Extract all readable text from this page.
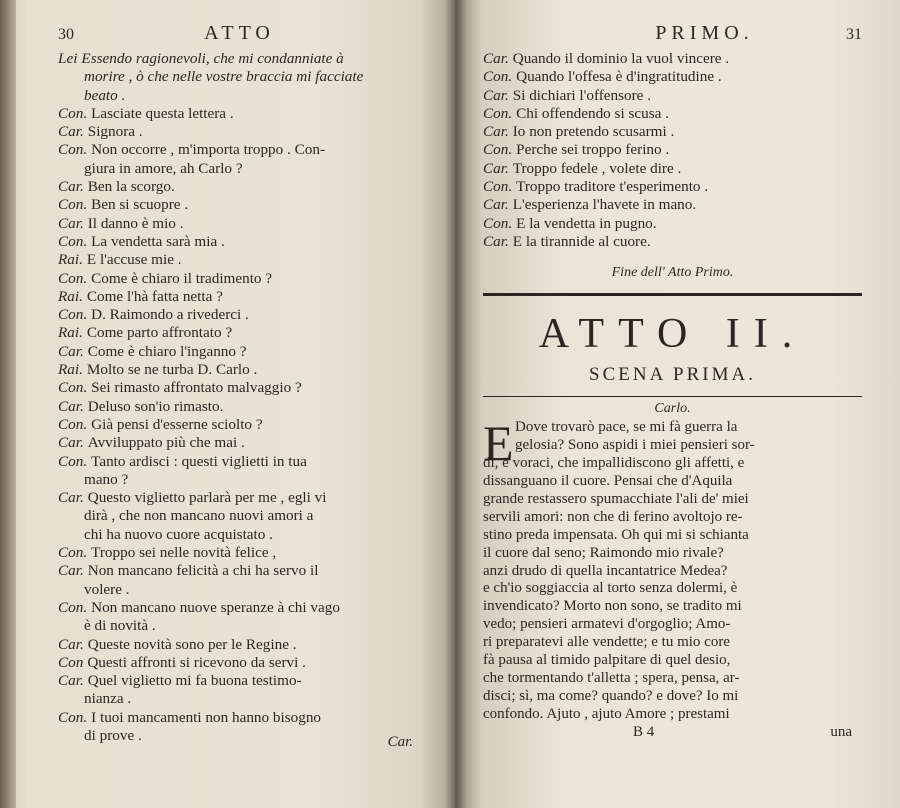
30	ATTO
Lei Essendo ragionevoli, che mi condanniate à
morire , ò che nelle vostre braccia mi facciate
beato .
Con. Lasciate questa lettera .
Car. Signora .
Con. Non occorre , m'importa troppo . Con-
giura in amore, ah Carlo ?
Car. Ben la scorgo.
Con. Ben si scuopre .
Car. Il danno è mio .
Con. La vendetta sarà mia .
Rai. E l'accuse mie .
Con. Come è chiaro il tradimento ?
Rai. Come l'hà fatta netta ?
Con. D. Raimondo a rivederci .
Rai. Come parto affrontato ?
Car. Come è chiaro l'inganno ?
Rai. Molto se ne turba D. Carlo .
Con. Sei rimasto affrontato malvaggio ?
Car. Deluso son'io rimasto.
Con. Già pensi d'esserne sciolto ?
Car. Avviluppato più che mai .
Con. Tanto ardisci : questi viglietti in tua
mano ?
Car. Questo viglietto parlarà per me , egli vi
dirà , che non mancano nuovi amori a
chi ha nuovo cuore acquistato .
Con. Troppo sei nelle novità felice ,
Car. Non mancano felicità a chi ha servo il
volere .
Con. Non mancano nuove speranze à chi vago
è di novità .
Car. Queste novità sono per le Regine .
Con Questi affronti si ricevono da servi .
Car. Quel viglietto mi fa buona testimo-
nianza .
Con. I tuoi mancamenti non hanno bisogno
di prove .	Car.
PRIMO.	31
Car. Quando il dominio la vuol vincere .
Con. Quando l'offesa è d'ingratitudine .
Car. Si dichiari l'offensore .
Con. Chi offendendo si scusa .
Car. Io non pretendo scusarmi .
Con. Perche sei troppo ferino .
Car. Troppo fedele , volete dire .
Con. Troppo traditore t'esperimento .
Car. L'esperienza l'havete in mano.
Con. E la vendetta in pugno.
Car. E la tirannide al cuore.
Fine dell' Atto Primo.
ATTO II.
SCENA PRIMA.
Carlo.
E Dove trovarò pace, se mi fà guerra la
gelosia? Sono aspidi i miei pensieri sor-
di, e voraci, che impallidiscono gli affetti, e
dissanguano il cuore. Pensai che d'Aquila
grande restassero spumacchiate l'ali de' miei
servili amori: non che di ferino avoltojo re-
stino preda impensata. Oh qui mi si schianta
il cuore dal seno; Raimondo mio rivale?
anzi drudo di quella incantatrice Medea?
e ch'io soggiaccia al torto senza dolermi, è
invendicato? Morto non sono, se tradito mi
vedo; pensieri armatevi d'orgoglio; Amo-
ri preparatevi alle vendette; e tu mio core
fà pausa al timido palpitare di quel desio,
che tormentando t'alletta ; spera, pensa, ar-
disci; sì, ma come? quando? e dove? Io mi
confondo. Ajuto , ajuto Amore ; prestami
B 4	una
